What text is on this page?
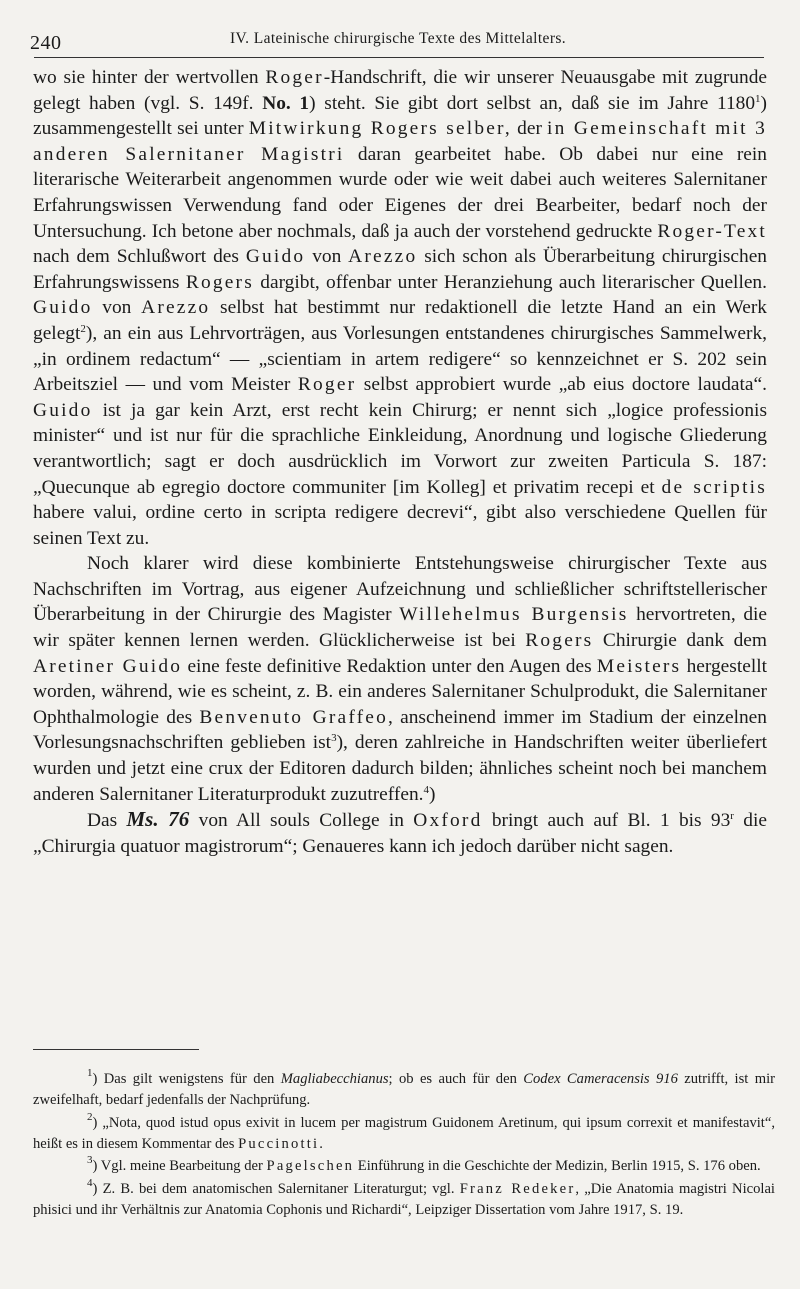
240	IV. Lateinische chirurgische Texte des Mittelalters.

wo sie hinter der wertvollen Roger-Handschrift, die wir unserer Neuausgabe mit zugrunde gelegt haben (vgl. S. 149f. No. 1) steht. Sie gibt dort selbst an, daß sie im Jahre 1180$^1$) zusammengestellt sei unter Mitwirkung Rogers selber, der in Gemeinschaft mit 3 anderen Salernitaner Magistri daran gearbeitet habe. Ob dabei nur eine rein literarische Weiterarbeit angenommen wurde oder wie weit dabei auch weiteres Salernitaner Erfahrungswissen Verwendung fand oder Eigenes der drei Bearbeiter, bedarf noch der Untersuchung. Ich betone aber nochmals, daß ja auch der vorstehend gedruckte Roger-Text nach dem Schlußwort des Guido von Arezzo sich schon als Überarbeitung chirurgischen Erfahrungswissens Rogers dargibt, offenbar unter Heranziehung auch literarischer Quellen. Guido von Arezzo selbst hat bestimmt nur redaktionell die letzte Hand an ein Werk gelegt$^2$), an ein aus Lehrvorträgen, aus Vorlesungen entstandenes chirurgisches Sammelwerk, „in ordinem redactum“ — „scientiam in artem redigere“ so kennzeichnet er S. 202 sein Arbeitsziel — und vom Meister Roger selbst approbiert wurde „ab eius doctore laudata“. Guido ist ja gar kein Arzt, erst recht kein Chirurg; er nennt sich „logice professionis minister“ und ist nur für die sprachliche Einkleidung, Anordnung und logische Gliederung verantwortlich; sagt er doch ausdrücklich im Vorwort zur zweiten Particula S. 187: „Quecunque ab egregio doctore communiter [im Kolleg] et privatim recepi et de scriptis habere valui, ordine certo in scripta redigere decrevi“, gibt also verschiedene Quellen für seinen Text zu.

Noch klarer wird diese kombinierte Entstehungsweise chirurgischer Texte aus Nachschriften im Vortrag, aus eigener Aufzeichnung und schließlicher schriftstellerischer Überarbeitung in der Chirurgie des Magister Willehelmus Burgensis hervortreten, die wir später kennen lernen werden. Glücklicherweise ist bei Rogers Chirurgie dank dem Aretiner Guido eine feste definitive Redaktion unter den Augen des Meisters hergestellt worden, während, wie es scheint, z. B. ein anderes Salernitaner Schulprodukt, die Salernitaner Ophthalmologie des Benvenuto Graffeo, anscheinend immer im Stadium der einzelnen Vorlesungsnachschriften geblieben ist$^3$), deren zahlreiche in Handschriften weiter überliefert wurden und jetzt eine crux der Editoren dadurch bilden; ähnliches scheint noch bei manchem anderen Salernitaner Literaturprodukt zuzutreffen.$^4$)

Das Ms. 76 von All souls College in Oxford bringt auch auf Bl. 1 bis 93$^r$ die „Chirurgia quatuor magistrorum“; Genaueres kann ich jedoch darüber nicht sagen.

$^1$) Das gilt wenigstens für den Magliabecchianus; ob es auch für den Codex Cameracensis 916 zutrifft, ist mir zweifelhaft, bedarf jedenfalls der Nachprüfung.

$^2$) „Nota, quod istud opus exivit in lucem per magistrum Guidonem Aretinum, qui ipsum correxit et manifestavit“, heißt es in diesem Kommentar des Puccinotti.

$^3$) Vgl. meine Bearbeitung der Pagelschen Einführung in die Geschichte der Medizin, Berlin 1915, S. 176 oben.

$^4$) Z. B. bei dem anatomischen Salernitaner Literaturgut; vgl. Franz Redeker, „Die Anatomia magistri Nicolai phisici und ihr Verhältnis zur Anatomia Cophonis und Richardi“, Leipziger Dissertation vom Jahre 1917, S. 19.
